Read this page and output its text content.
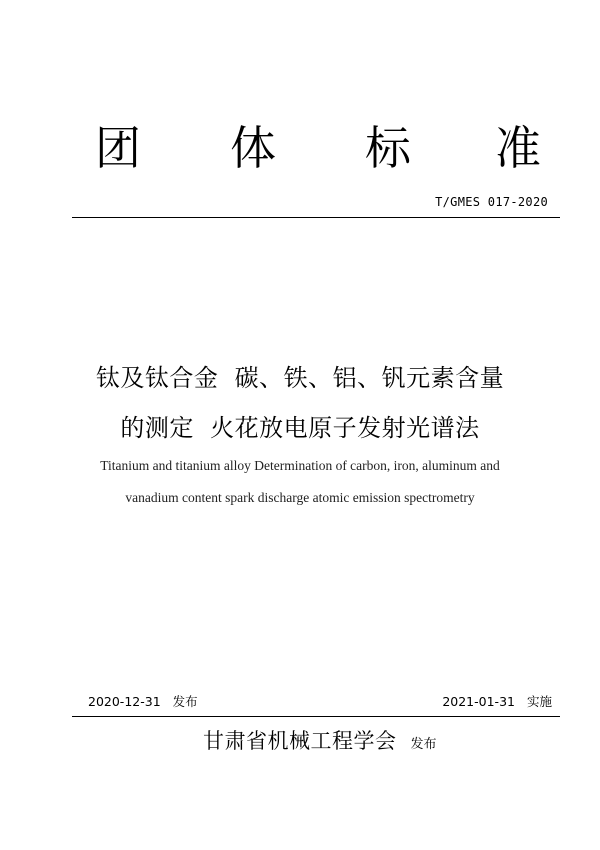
团 体 标 准
T/GMES 017-2020
钛及钛合金  碳、铁、铝、钒元素含量
的测定  火花放电原子发射光谱法
Titanium and titanium alloy Determination of carbon, iron, aluminum and
vanadium content spark discharge atomic emission spectrometry
2020-12-31 发布	2021-01-31 实施
甘肃省机械工程学会 发布
